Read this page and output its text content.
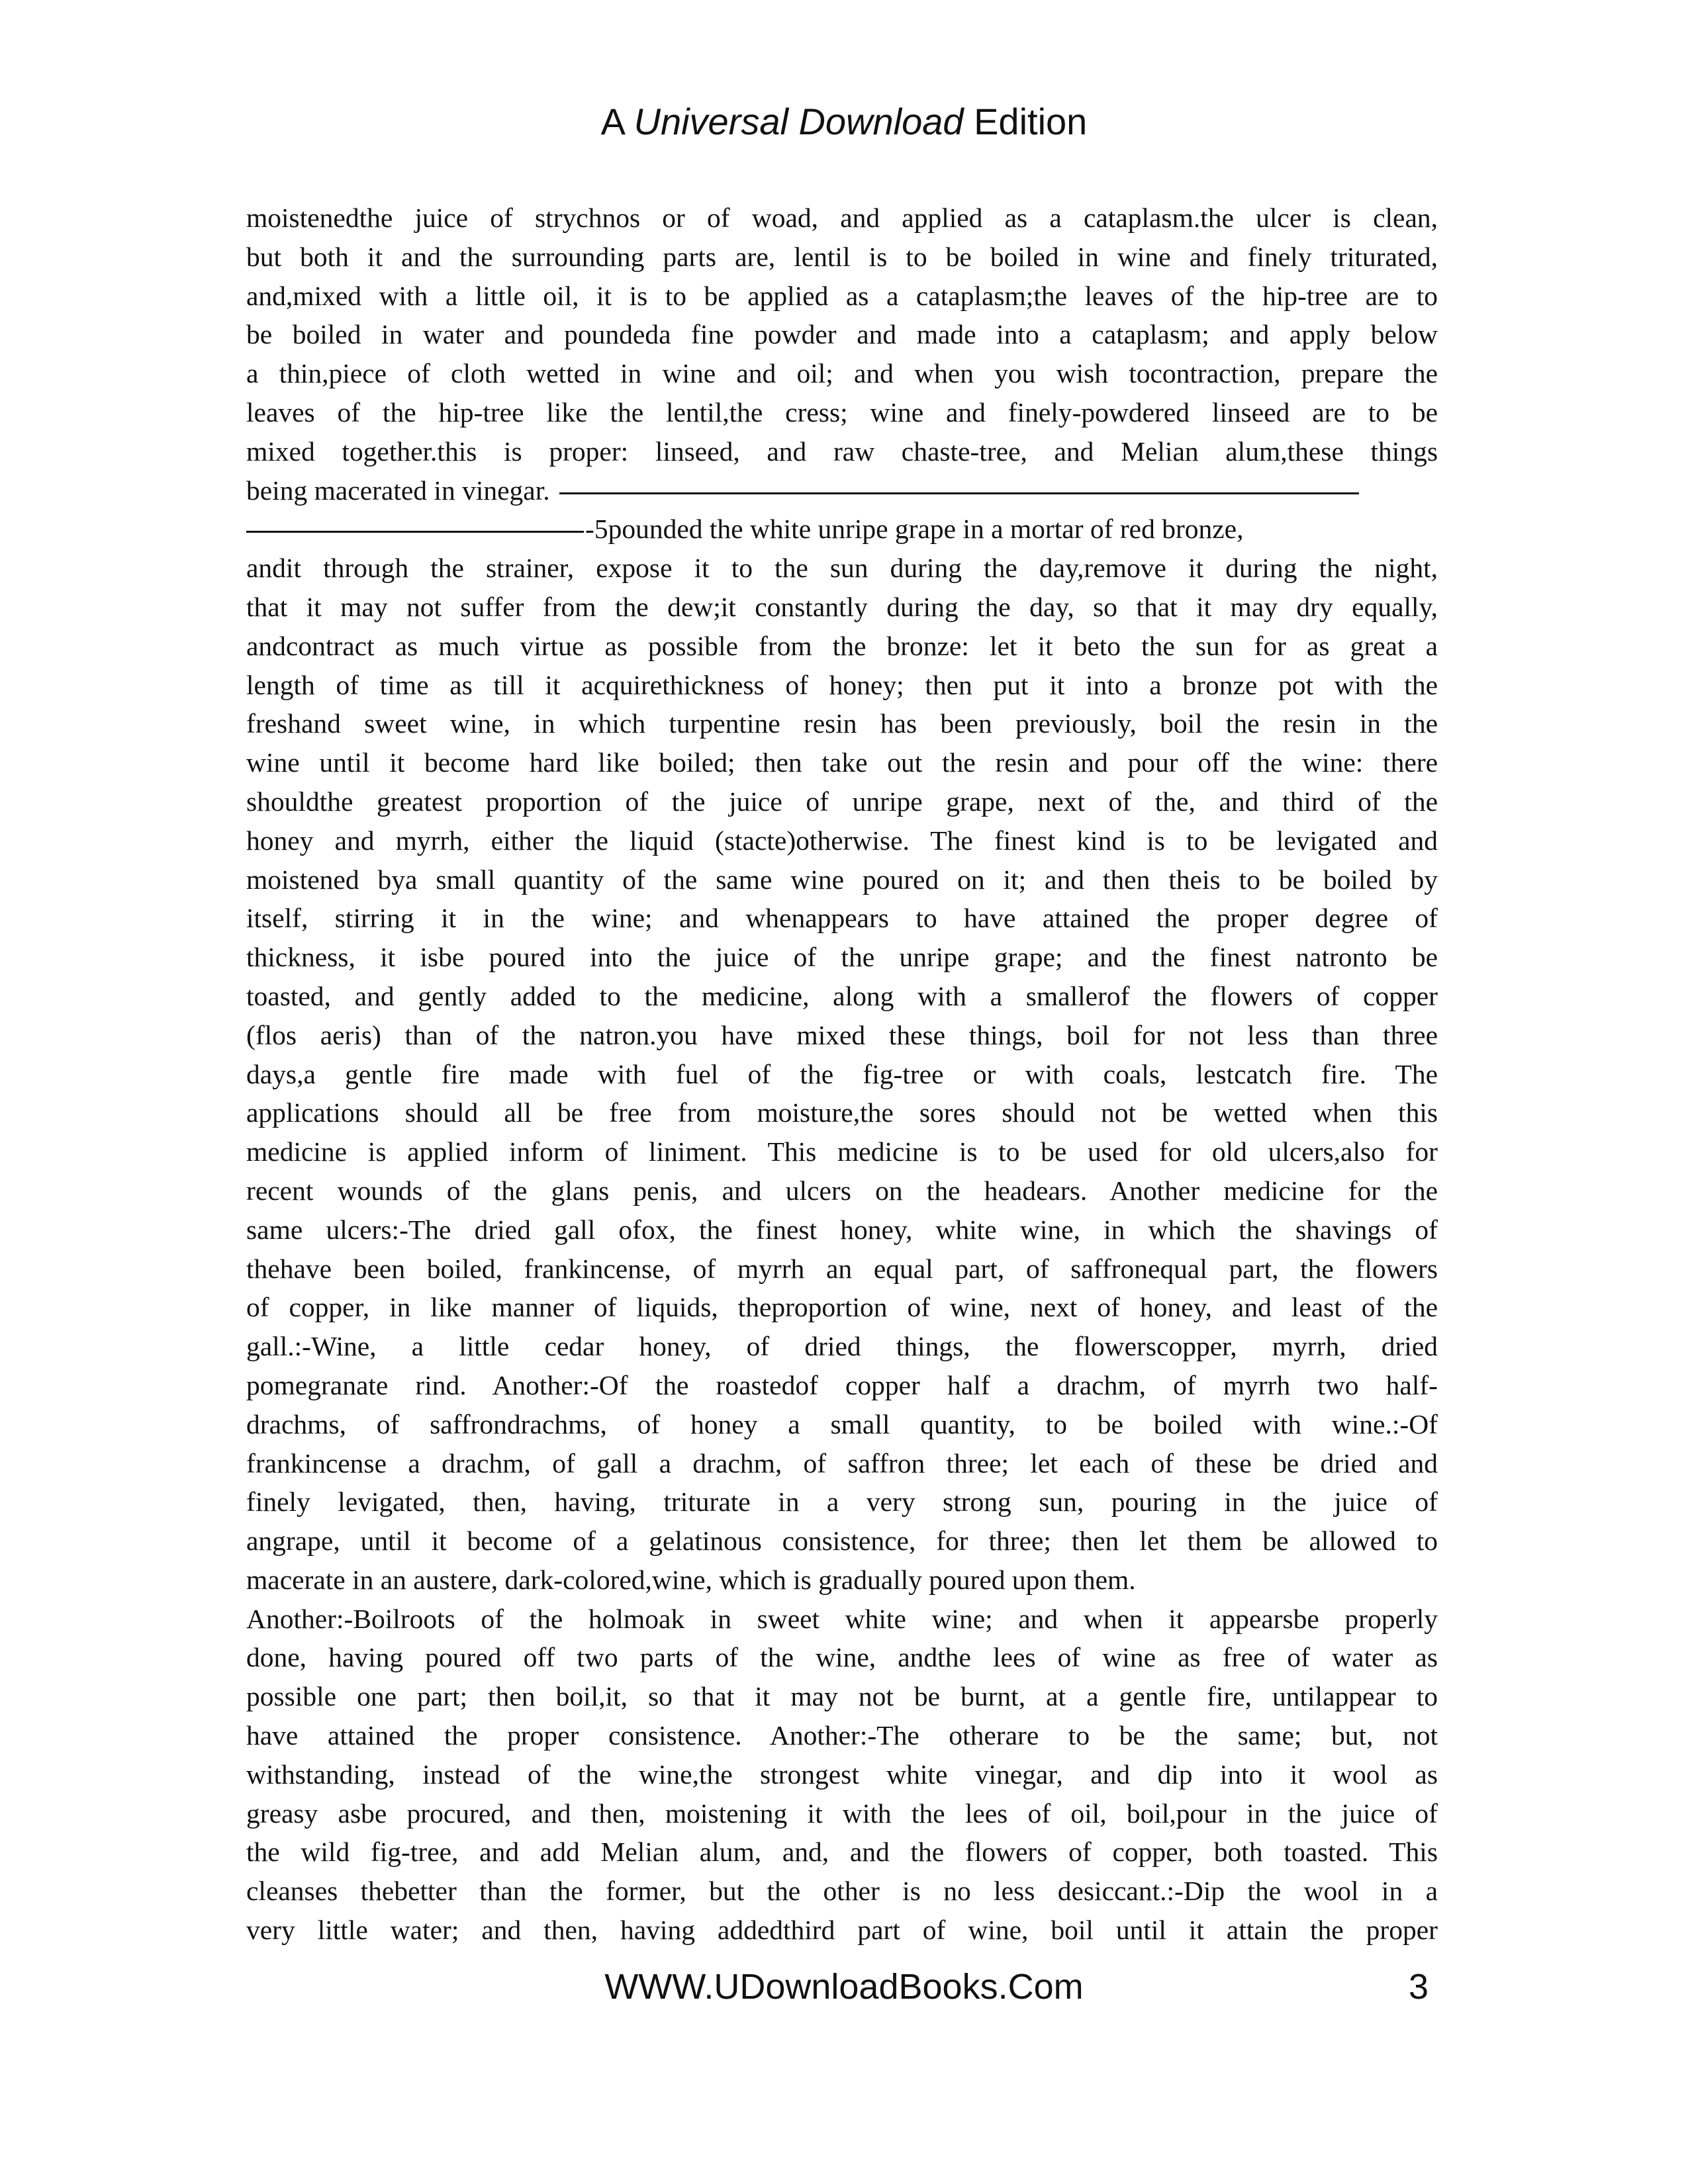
A Universal Download Edition
moistenedthe juice of strychnos or of woad, and applied as a cataplasm.the ulcer is clean,
but both it and the surrounding parts are, lentil is to be boiled in wine and finely triturated,
and,mixed with a little oil, it is to be applied as a cataplasm;the leaves of the hip-tree are to
be boiled in water and poundeda fine powder and made into a cataplasm; and apply below
a thin,piece of cloth wetted in wine and oil; and when you wish tocontraction, prepare the
leaves of the hip-tree like the lentil,the cress; wine and finely-powdered linseed are to be
mixed together.this is proper: linseed, and raw chaste-tree, and Melian alum,these things
being macerated in vinegar.
-5pounded the white unripe grape in a mortar of red bronze,
andit through the strainer, expose it to the sun during the day,remove it during the night,
that it may not suffer from the dew;it constantly during the day, so that it may dry equally,
andcontract as much virtue as possible from the bronze: let it beto the sun for as great a
length of time as till it acquirethickness of honey; then put it into a bronze pot with the
freshand sweet wine, in which turpentine resin has been previously, boil the resin in the
wine until it become hard like boiled; then take out the resin and pour off the wine: there
shouldthe greatest proportion of the juice of unripe grape, next of the, and third of the
honey and myrrh, either the liquid (stacte)otherwise. The finest kind is to be levigated and
moistened bya small quantity of the same wine poured on it; and then theis to be boiled by
itself, stirring it in the wine; and whenappears to have attained the proper degree of
thickness, it isbe poured into the juice of the unripe grape; and the finest natronto be
toasted, and gently added to the medicine, along with a smallerof the flowers of copper
(flos aeris) than of the natron.you have mixed these things, boil for not less than three
days,a gentle fire made with fuel of the fig-tree or with coals, lestcatch fire. The
applications should all be free from moisture,the sores should not be wetted when this
medicine is applied inform of liniment. This medicine is to be used for old ulcers,also for
recent wounds of the glans penis, and ulcers on the headears. Another medicine for the
same ulcers:-The dried gall ofox, the finest honey, white wine, in which the shavings of
thehave been boiled, frankincense, of myrrh an equal part, of saffronequal part, the flowers
of copper, in like manner of liquids, theproportion of wine, next of honey, and least of the
gall.:-Wine, a little cedar honey, of dried things, the flowerscopper, myrrh, dried
pomegranate rind. Another:-Of the roastedof copper half a drachm, of myrrh two half-
drachms, of saffrondrachms, of honey a small quantity, to be boiled with wine.:-Of
frankincense a drachm, of gall a drachm, of saffron three; let each of these be dried and
finely levigated, then, having, triturate in a very strong sun, pouring in the juice of
angrape, until it become of a gelatinous consistence, for three; then let them be allowed to
macerate in an austere, dark-colored,wine, which is gradually poured upon them.
Another:-Boilroots of the holmoak in sweet white wine; and when it appearsbe properly
done, having poured off two parts of the wine, andthe lees of wine as free of water as
possible one part; then boil,it, so that it may not be burnt, at a gentle fire, untilappear to
have attained the proper consistence. Another:-The otherare to be the same; but, not
withstanding, instead of the wine,the strongest white vinegar, and dip into it wool as
greasy asbe procured, and then, moistening it with the lees of oil, boil,pour in the juice of
the wild fig-tree, and add Melian alum, and, and the flowers of copper, both toasted. This
cleanses thebetter than the former, but the other is no less desiccant.:-Dip the wool in a
very little water; and then, having addedthird part of wine, boil until it attain the proper
WWW.UDownloadBooks.Com	3
